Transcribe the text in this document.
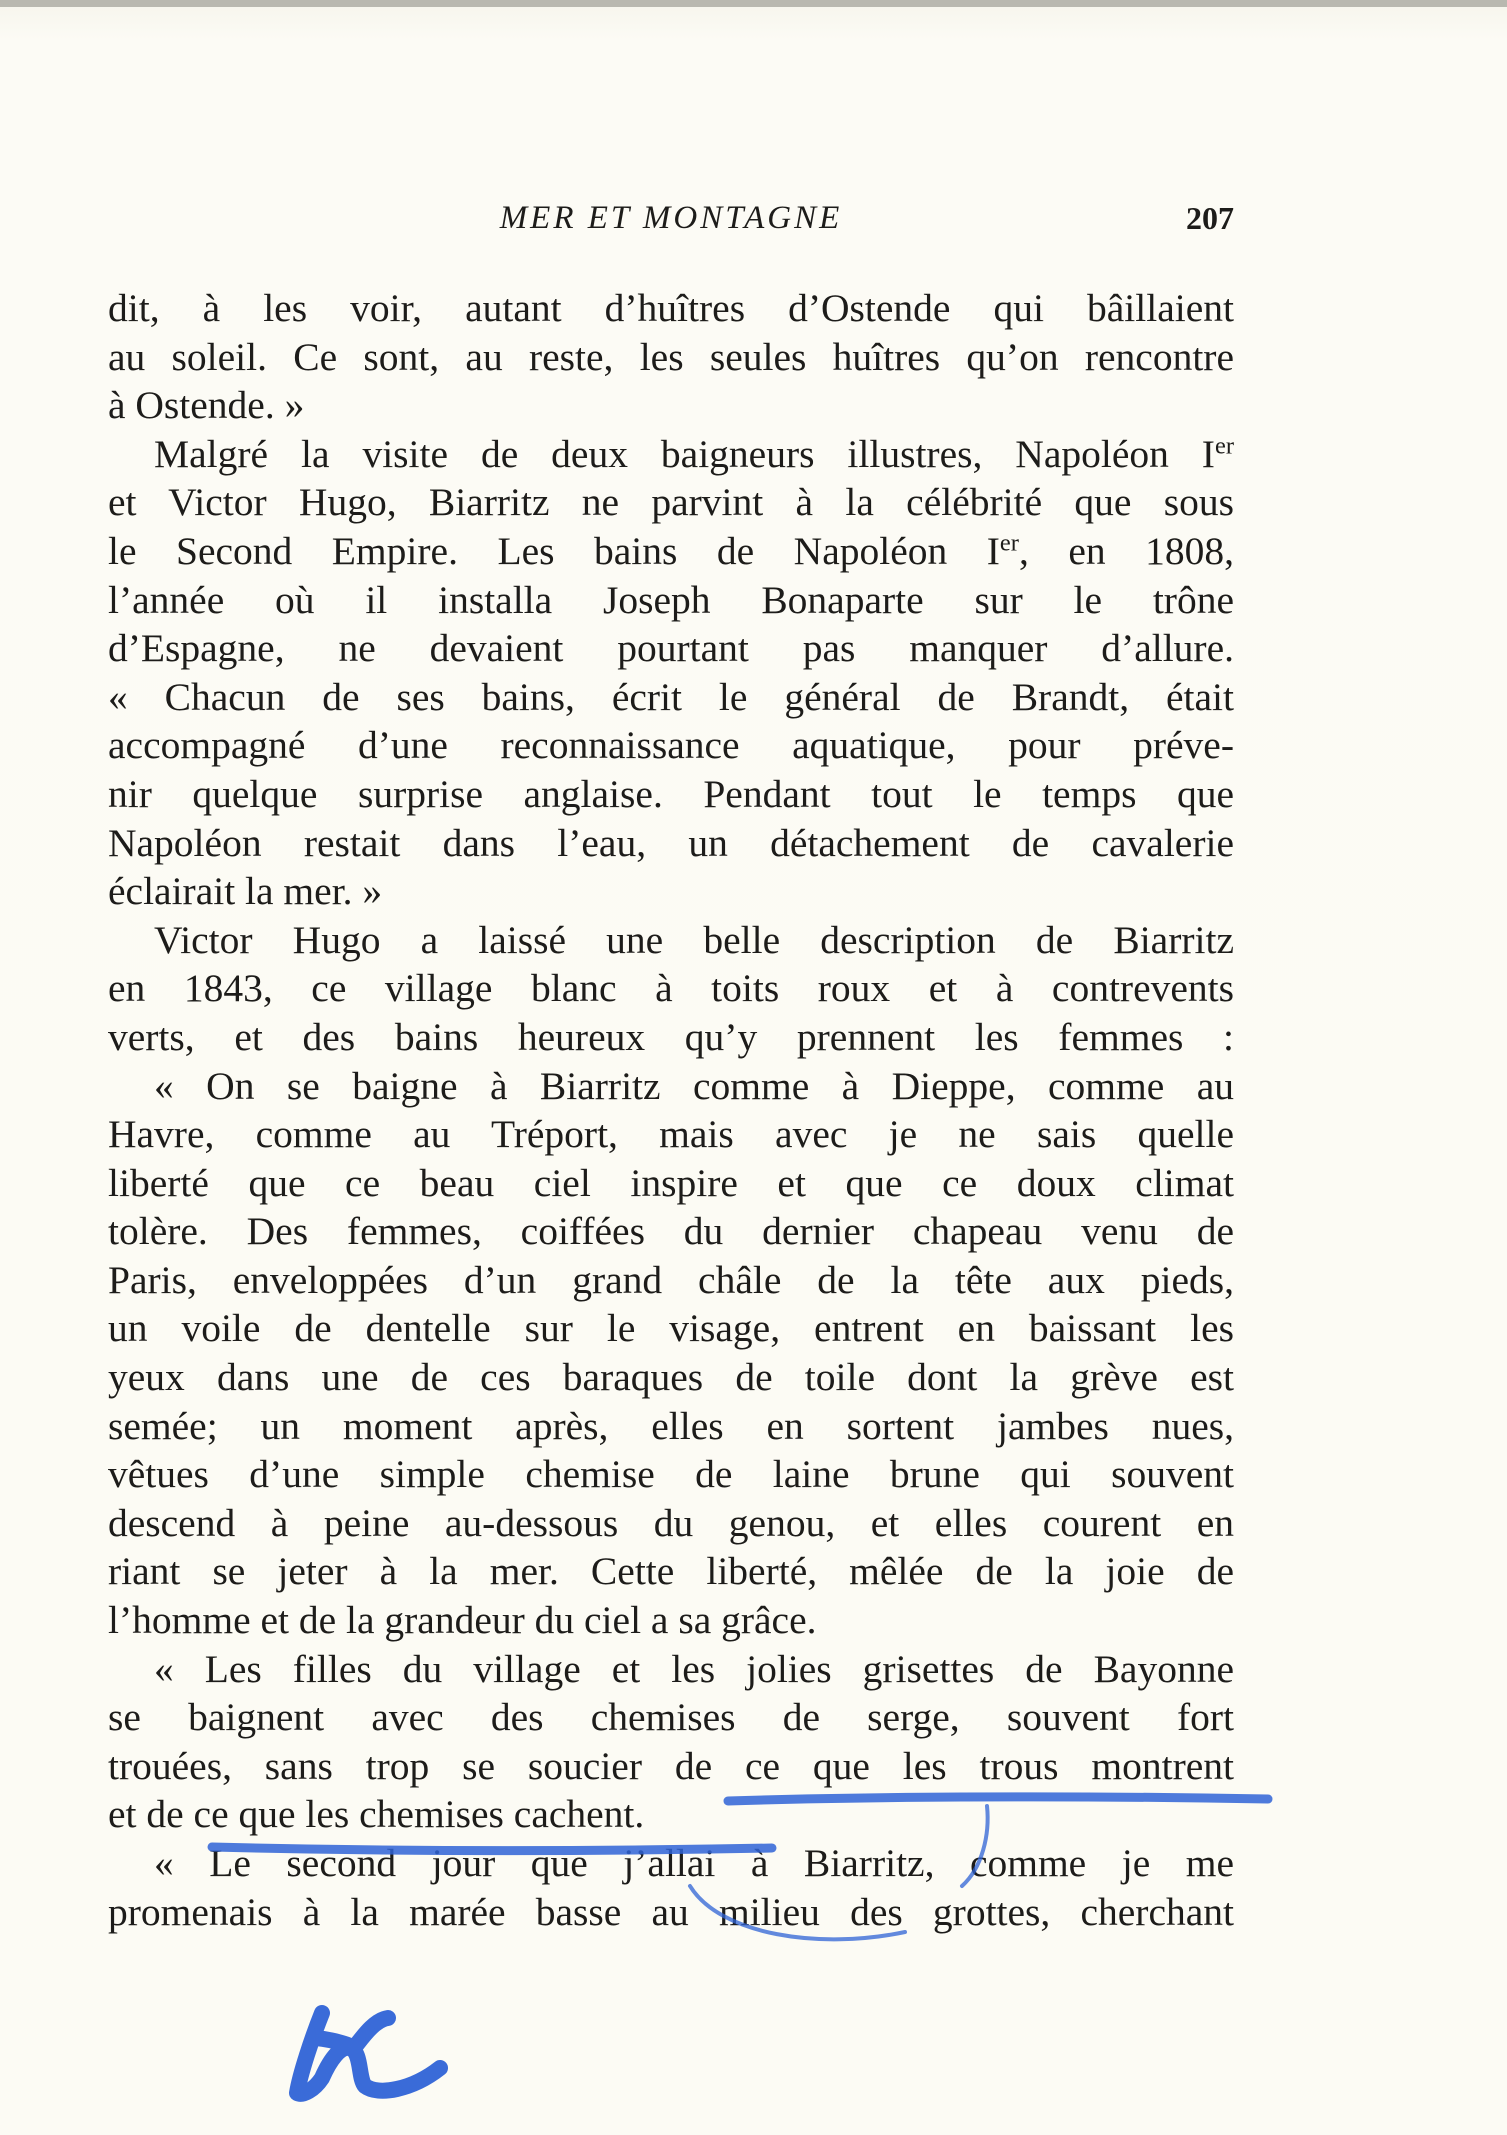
MER ET MONTAGNE	207

dit, à les voir, autant d’huîtres d’Ostende qui bâillaient

au soleil. Ce sont, au reste, les seules huîtres qu’on rencontre

à Ostende. »

Malgré la visite de deux baigneurs illustres, Napoléon Ier

et Victor Hugo, Biarritz ne parvint à la célébrité que sous

le Second Empire. Les bains de Napoléon Ier, en 1808,

l’année où il installa Joseph Bonaparte sur le trône

d’Espagne, ne devaient pourtant pas manquer d’allure.

« Chacun de ses bains, écrit le général de Brandt, était

accompagné d’une reconnaissance aquatique, pour préve-

nir quelque surprise anglaise. Pendant tout le temps que

Napoléon restait dans l’eau, un détachement de cavalerie

éclairait la mer. »

Victor Hugo a laissé une belle description de Biarritz

en 1843, ce village blanc à toits roux et à contrevents

verts, et des bains heureux qu’y prennent les femmes :

« On se baigne à Biarritz comme à Dieppe, comme au

Havre, comme au Tréport, mais avec je ne sais quelle

liberté que ce beau ciel inspire et que ce doux climat

tolère. Des femmes, coiffées du dernier chapeau venu de

Paris, enveloppées d’un grand châle de la tête aux pieds,

un voile de dentelle sur le visage, entrent en baissant les

yeux dans une de ces baraques de toile dont la grève est

semée; un moment après, elles en sortent jambes nues,

vêtues d’une simple chemise de laine brune qui souvent

descend à peine au-dessous du genou, et elles courent en

riant se jeter à la mer. Cette liberté, mêlée de la joie de

l’homme et de la grandeur du ciel a sa grâce.

« Les filles du village et les jolies grisettes de Bayonne

se baignent avec des chemises de serge, souvent fort

trouées, sans trop se soucier de ce que les trous montrent

et de ce que les chemises cachent.

« Le second jour que j’allai à Biarritz, comme je me

promenais à la marée basse au milieu des grottes, cherchant
